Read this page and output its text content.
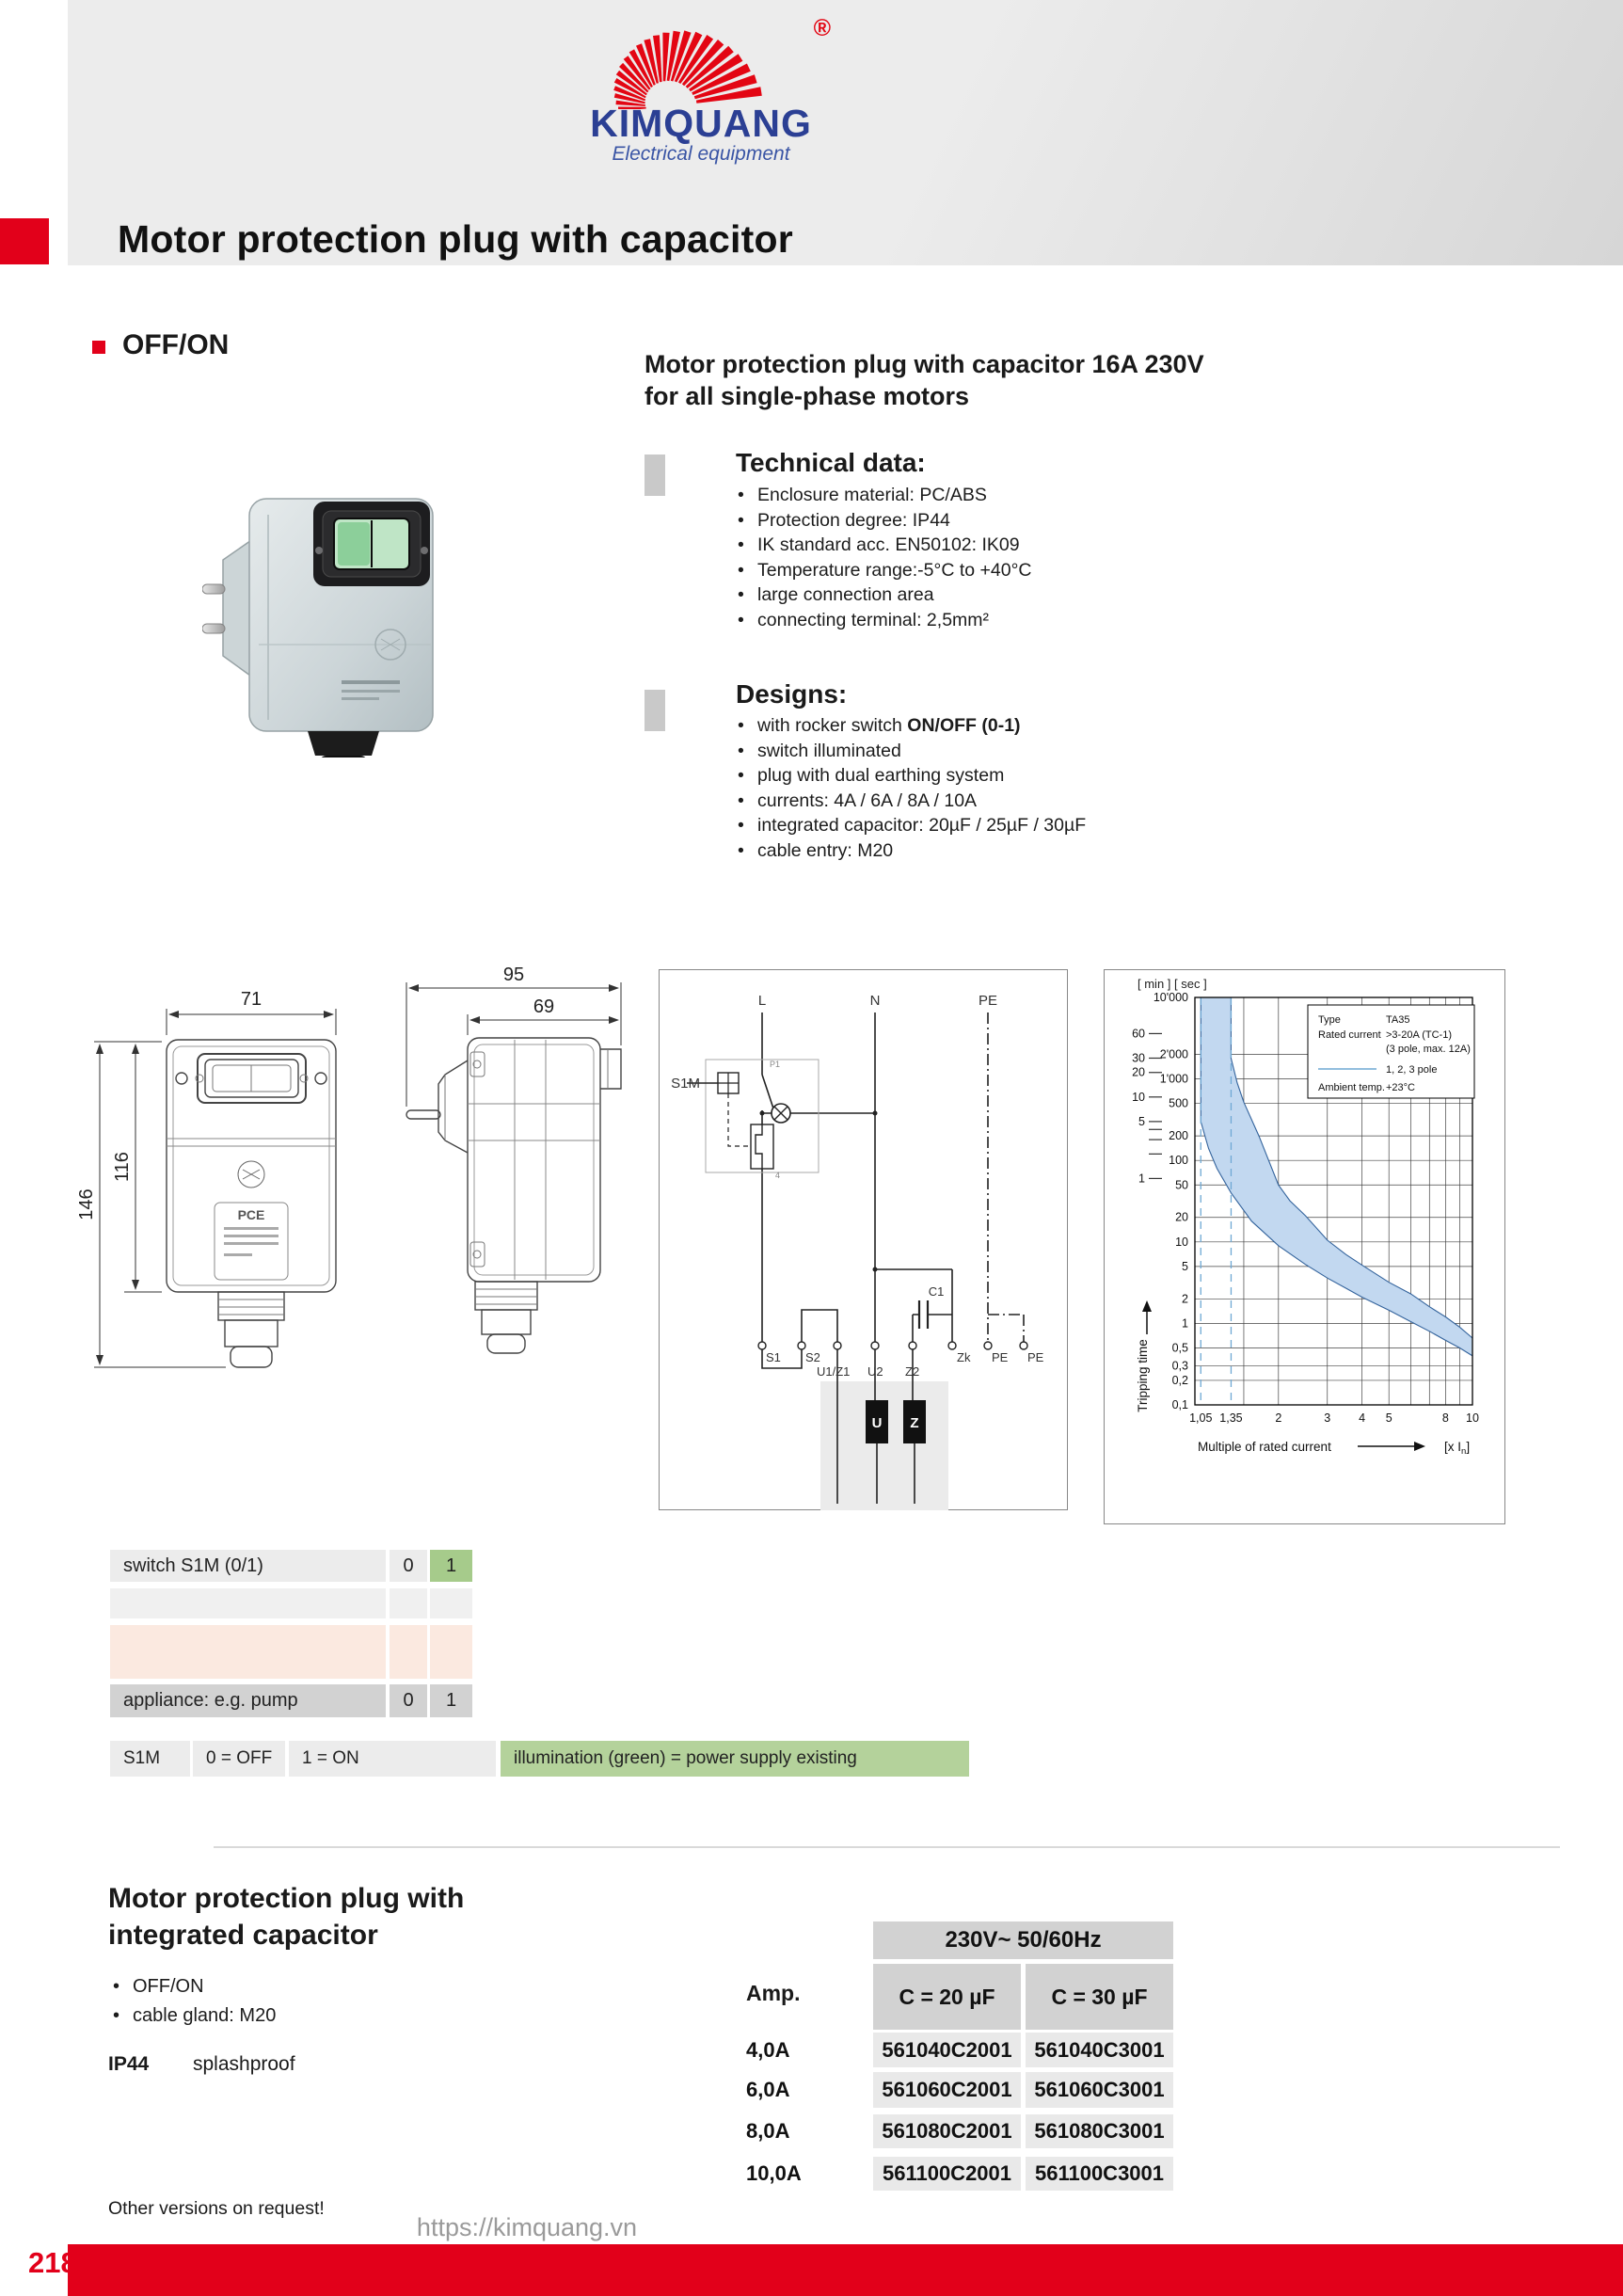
®
KIMQUANG
Electrical equipment
Motor protection plug with capacitor
OFF/ON
Motor protection plug with capacitor 16A 230V
for all single-phase motors
Technical data:
• Enclosure material: PC/ABS
• Protection degree: IP44
• IK standard acc. EN50102: IK09
• Temperature range:-5°C to +40°C
• large connection area
• connecting terminal: 2,5mm²
Designs:
• with rocker switch ON/OFF (0-1)
• switch illuminated
• plug with dual earthing system
• currents: 4A / 6A / 8A / 10A
• integrated capacitor: 20µF / 25µF / 30µF
• cable entry: M20
PCE
71
146
116
95
69	L	N	PE
P1
4
S1M
C1
S1 S2
U1/Z1 U2 Z2
Zk PE PE
U Z
10'000
2'000
1'000
500
200
100
50
20
10
5
2
1
0,5
0,3
0,2
0,1
60
30
20
10
5
1
1,05 1,35	2	3 4 5	8 10
[ min ] [ sec ]
Multiple of rated current	[x $I_n$]
Tripping time
Type	TA35
Rated current >3-20A (TC-1)
(3 pole, max. 12A)
1, 2, 3 pole
Ambient temp. +23°C
switch S1M (0/1)	0	1
appliance: e.g. pump	0	1
S1M	0 = OFF	1 = ON	illumination (green) = power supply existing
Motor protection plug with
integrated capacitor
• OFF/ON
• cable gland: M20
IP44 splashproof
Other versions on request!
Amp.
230V~ 50/60Hz
C = 20 µF	C = 30 µF
4,0A	561040C2001	561040C3001
6,0A	561060C2001	561060C3001
8,0A	561080C2001	561080C3001
10,0A	561100C2001	561100C3001
https://kimquang.vn
218
